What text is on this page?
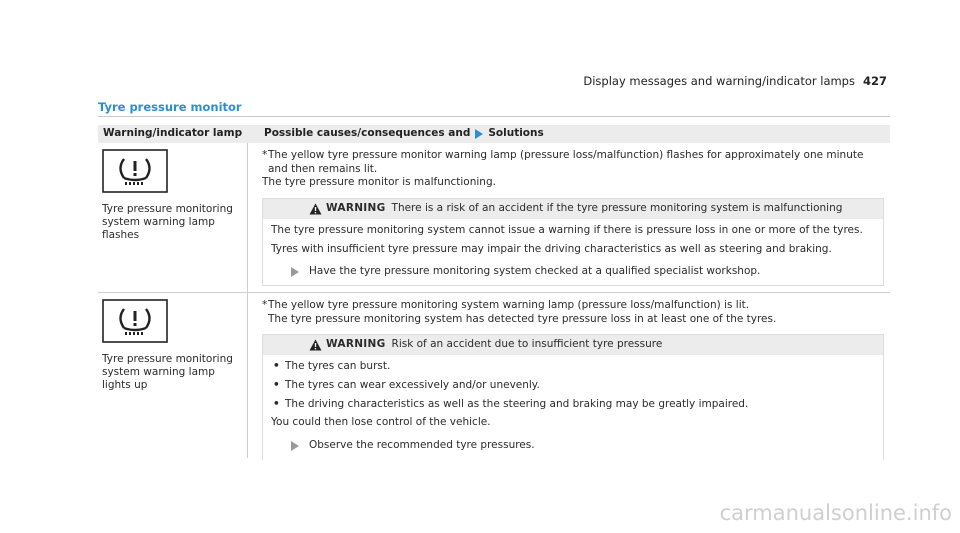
Display messages and warning/indicator lamps 427
Tyre pressure monitor
Warning/indicator lamp	Possible causes/consequences and Solutions
Tyre pressure monitoring system warning lamp flashes
*The yellow tyre pressure monitor warning lamp (pressure loss/malfunction) flashes for approximately one minute
and then remains lit.
The tyre pressure monitor is malfunctioning.
WARNING There is a risk of an accident if the tyre pressure monitoring system is malfunctioning

The tyre pressure monitoring system cannot issue a warning if there is pressure loss in one or more of the tyres.

Tyres with insufficient tyre pressure may impair the driving characteristics as well as steering and braking.

Have the tyre pressure monitoring system checked at a qualified specialist workshop.
Tyre pressure monitoring system warning lamp lights up
*The yellow tyre pressure monitoring system warning lamp (pressure loss/malfunction) is lit.
The tyre pressure monitoring system has detected tyre pressure loss in at least one of the tyres.
WARNING Risk of an accident due to insufficient tyre pressure
• The tyres can burst.
• The tyres can wear excessively and/or unevenly.
• The driving characteristics as well as the steering and braking may be greatly impaired.

You could then lose control of the vehicle.

Observe the recommended tyre pressures.
carmanualsonline.info
